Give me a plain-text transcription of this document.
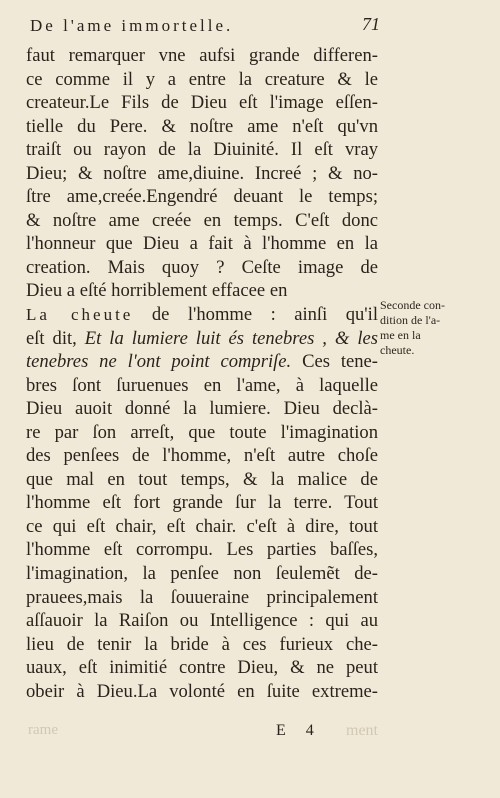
De l'ame immortelle.	71
faut remarquer vne aufsi grande differen-
ce comme il y a entre la creature & le
createur.Le Fils de Dieu eſt l'image eſſen-
tielle du Pere. & noſtre ame n'eſt qu'vn
traiſt ou rayon de la Diuinité. Il eſt vray
Dieu; & noſtre ame,diuine. Increé ; & no-
ſtre ame,creée.Engendré deuant le temps;
& noſtre ame creée en temps. C'eſt donc
l'honneur que Dieu a fait à l'homme en la
creation. Mais quoy ? Ceſte image de
Dieu a eſté horriblement effacee en
La cheute de l'homme : ainſi qu'il
eſt dit, Et la lumiere luit és tenebres , & les
tenebres ne l'ont point compriſe. Ces tene-
bres ſont ſuruenues en l'ame, à laquelle
Dieu auoit donné la lumiere. Dieu declà-
re par ſon arreſt, que toute l'imagination
des penſees de l'homme, n'eſt autre choſe
que mal en tout temps, & la malice de
l'homme eſt fort grande ſur la terre. Tout
ce qui eſt chair, eſt chair. c'eſt à dire, tout
l'homme eſt corrompu. Les parties baſſes,
l'imagination, la penſee non ſeulemẽt de-
prauees,mais la ſouueraine principalement
aſſauoir la Raiſon ou Intelligence : qui au
lieu de tenir la bride à ces furieux che-
uaux, eſt inimitié contre Dieu, & ne peut
obeir à Dieu.La volonté en ſuite extreme-
Seconde con-
dition de l'a-
me en la
cheute.
rame	E 4 ment
